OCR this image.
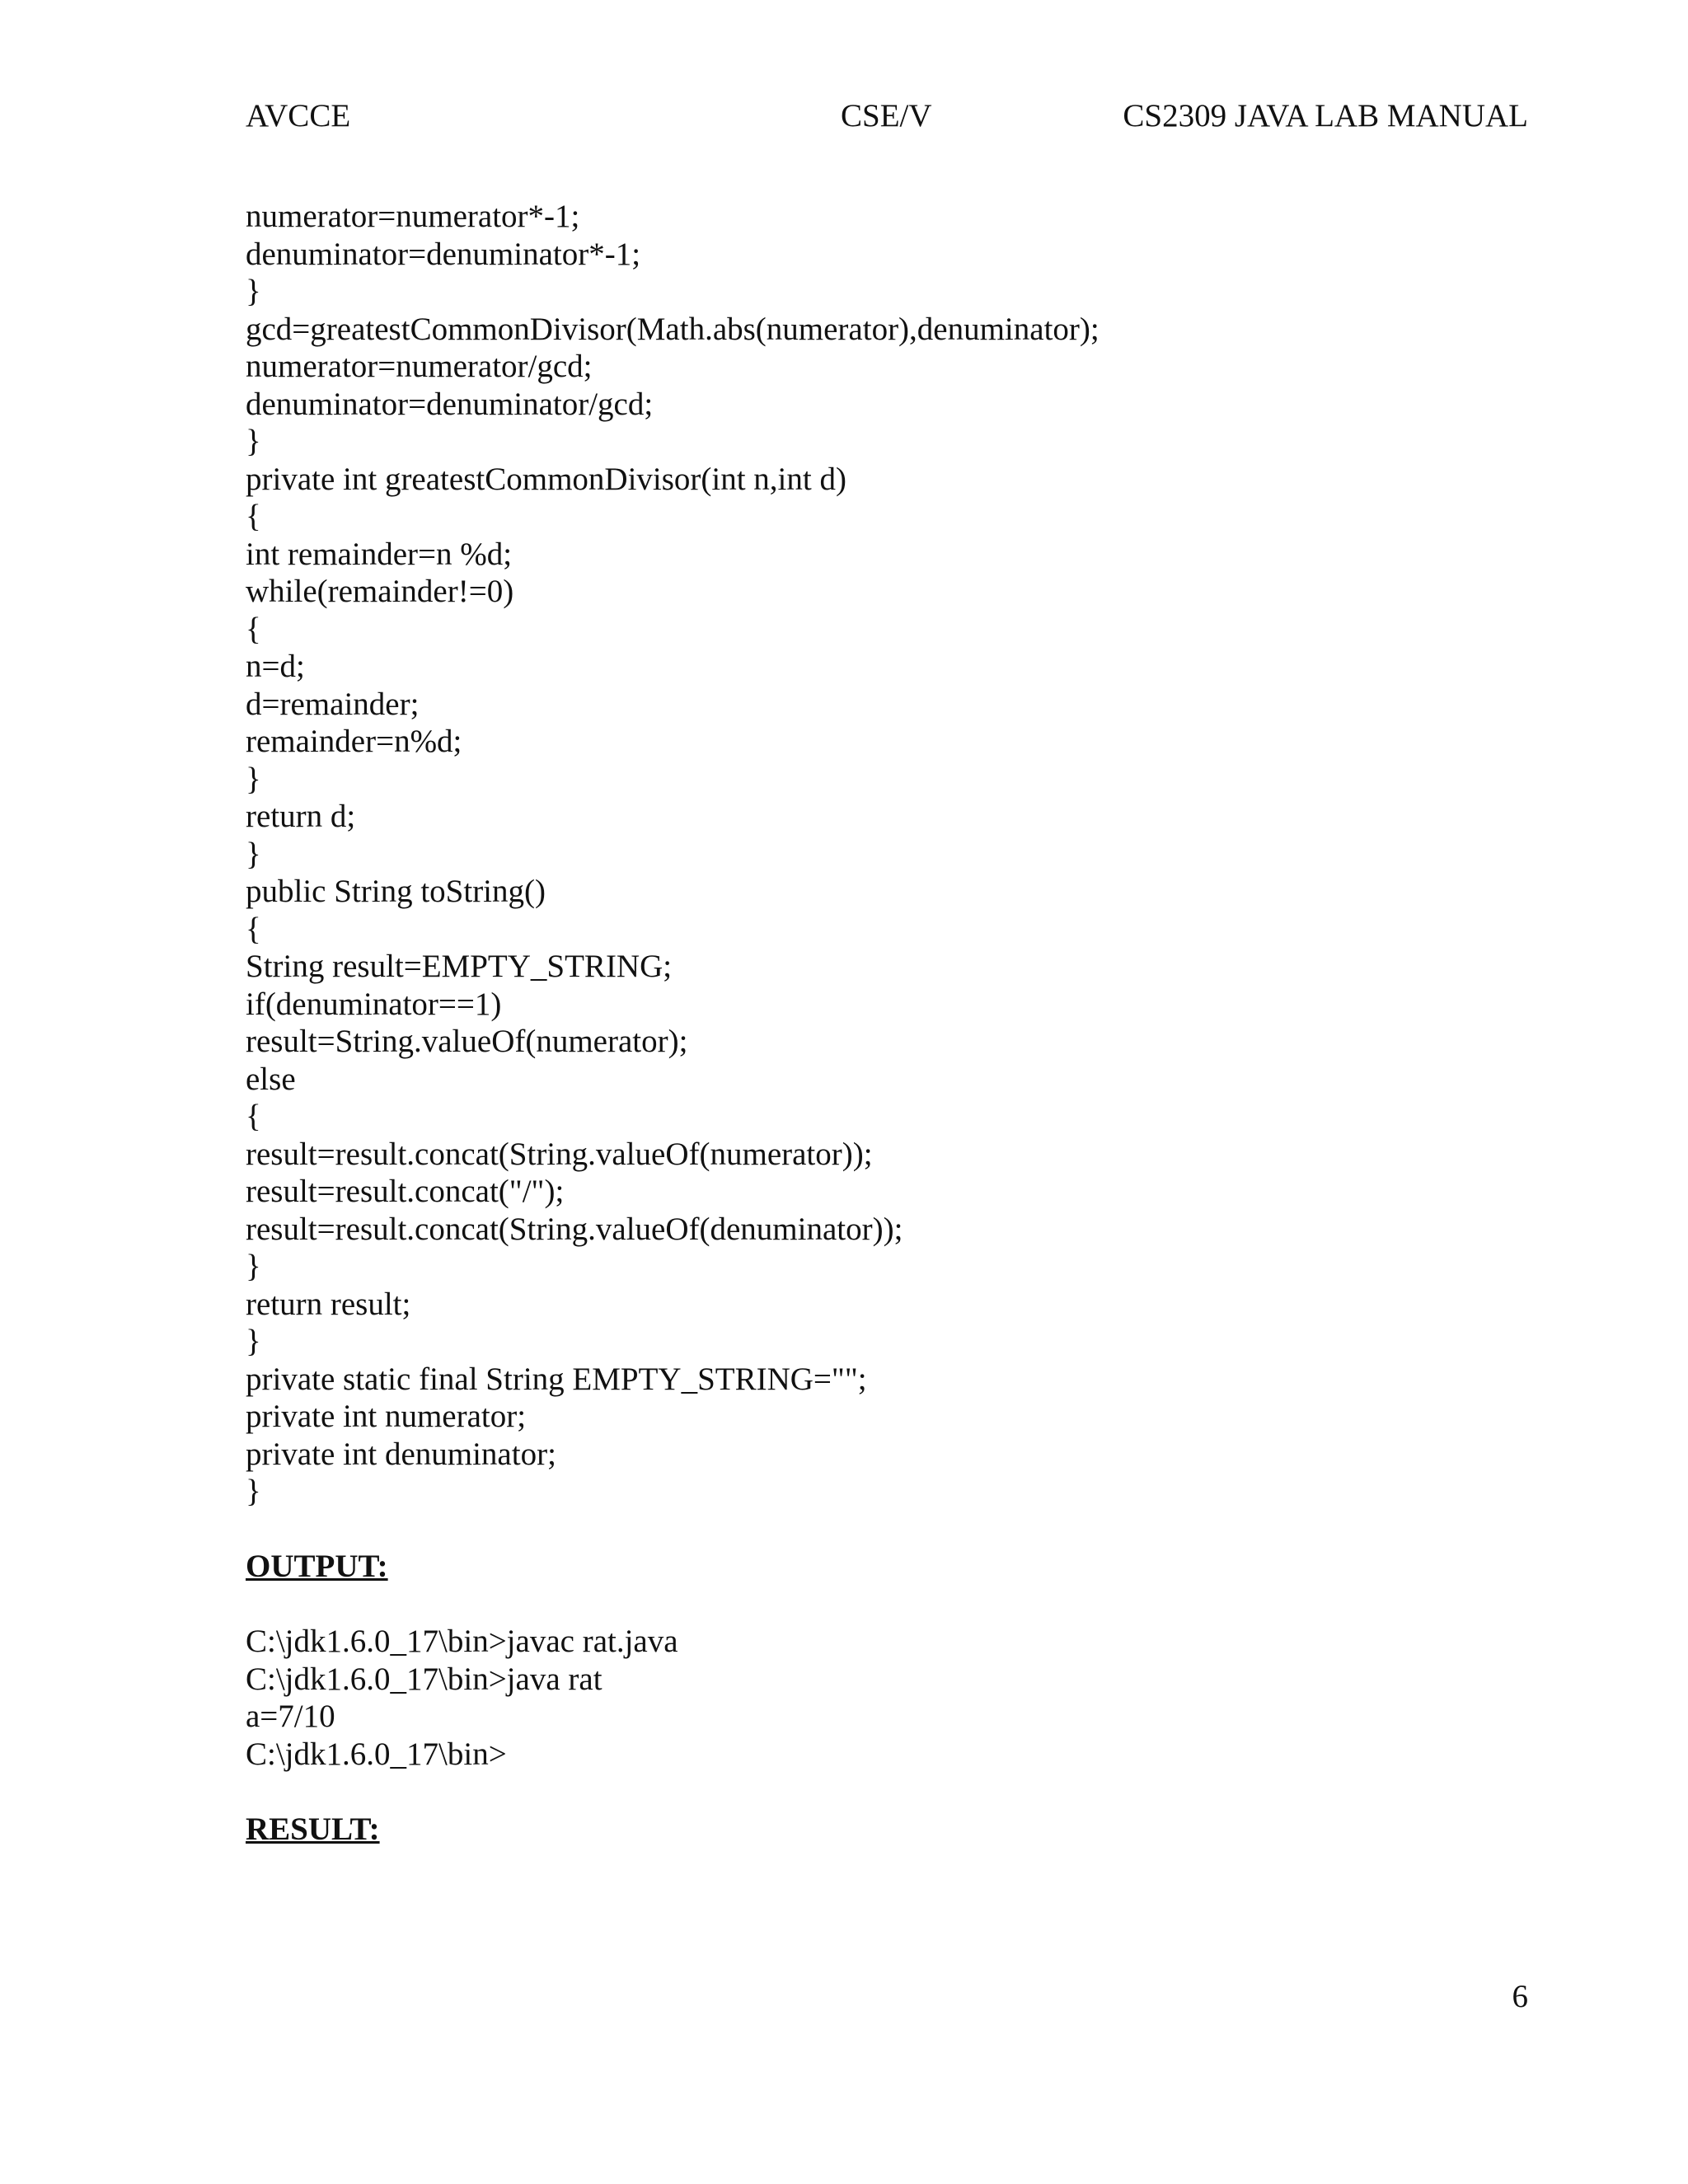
AVCCE	CSE/V	CS2309 JAVA LAB MANUAL
numerator=numerator*-1;
denuminator=denuminator*-1;
}
gcd=greatestCommonDivisor(Math.abs(numerator),denuminator);
numerator=numerator/gcd;
denuminator=denuminator/gcd;
}
private int greatestCommonDivisor(int n,int d)
{
int remainder=n %d;
while(remainder!=0)
{
n=d;
d=remainder;
remainder=n%d;
}
return d;
}
public String toString()
{
String result=EMPTY_STRING;
if(denuminator==1)
result=String.valueOf(numerator);
else
{
result=result.concat(String.valueOf(numerator));
result=result.concat("/");
result=result.concat(String.valueOf(denuminator));
}
return result;
}
private static final String EMPTY_STRING="";
private int numerator;
private int denuminator;
}
OUTPUT:
C:\jdk1.6.0_17\bin>javac rat.java
C:\jdk1.6.0_17\bin>java rat
a=7/10
C:\jdk1.6.0_17\bin>
RESULT:
6
